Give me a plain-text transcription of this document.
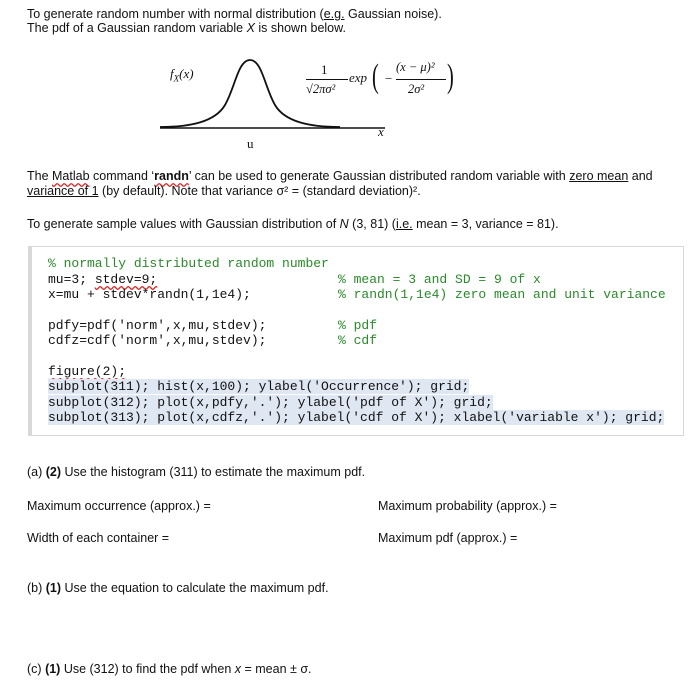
To generate random number with normal distribution (e.g. Gaussian noise).
The pdf of a Gaussian random variable X is shown below.
$f_X(x)$
u
x
1
√2πσ²
exp ( −
(x − μ)²
2σ² )
The Matlab command ‘randn’ can be used to generate Gaussian distributed random variable with zero mean and
variance of 1 (by default). Note that variance σ² = (standard deviation)².
To generate sample values with Gaussian distribution of N (3, 81) (i.e. mean = 3, variance = 81).
% normally distributed random number
mu=3; stdev=9;
x=mu + stdev*randn(1,1e4);
% mean = 3 and SD = 9 of x
% randn(1,1e4) zero mean and unit variance
pdfy=pdf('norm',x,mu,stdev);
cdfz=cdf('norm',x,mu,stdev);
% pdf
% cdf
figure(2);
subplot(311); hist(x,100); ylabel('Occurrence'); grid;
subplot(312); plot(x,pdfy,'.'); ylabel('pdf of X'); grid;
subplot(313); plot(x,cdfz,'.'); ylabel('cdf of X'); xlabel('variable x'); grid;
(a) (2) Use the histogram (311) to estimate the maximum pdf.
Maximum occurrence (approx.) =	Maximum probability (approx.) =
Width of each container =	Maximum pdf (approx.) =
(b) (1) Use the equation to calculate the maximum pdf.
(c) (1) Use (312) to find the pdf when x = mean ± σ.
